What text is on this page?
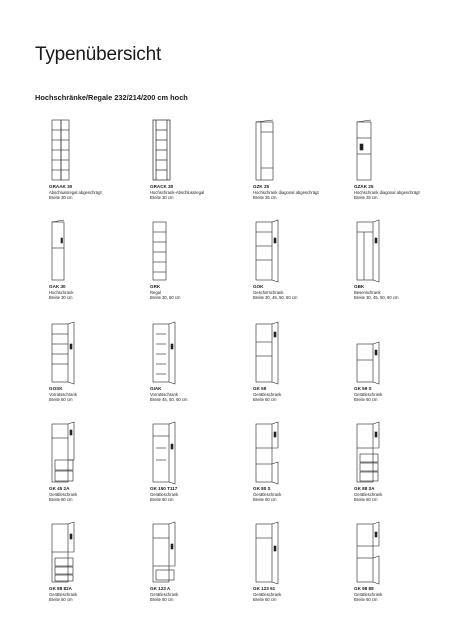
Typenübersicht
Hochschränke/Regale 232/214/200 cm hoch
GRAAK 30
Abschlussregal abgeschrägt
Breite 30 cm
GRACK 30
Hochschrank-Abschlussregal
Breite 30 cm
GZK 25
Hochschrank diagonal abgeschrägt
Breite 25 cm
GZAK 25
Hochschrank diagonal abgeschrägt
Breite 25 cm
GAK 30
Hochschrank
Breite 30 cm
GRK
Regal
Breite 30, 50 cm
GOK
Geschirrschrank
Breite 30, 45, 50, 60 cm
GBK
Besenschrank
Breite 30, 45, 50, 60 cm
GOSK
Vorratsschrank
Breite 60 cm
GIAK
Vorratsschrank
Breite 45, 50, 60 cm
GK 59
Gerätleschrank
Breite 60 cm
GK 59 S
Gerätleschrank
Breite 60 cm
GK 45 2A
Gerätleschrank
Breite 60 cm
GK 150 T117
Gerätleschrank
Breite 60 cm
GK 80 S
Gerätleschrank
Breite 60 cm
GK 88 3A
Gerätleschrank
Breite 60 cm
GK 88 82A
Gerätleschrank
Breite 60 cm
GK 123 A
Gerätleschrank
Breite 60 cm
GK 123 61
Gerätleschrank
Breite 60 cm
GK 98 88
Gerätleschrank
Breite 60 cm
